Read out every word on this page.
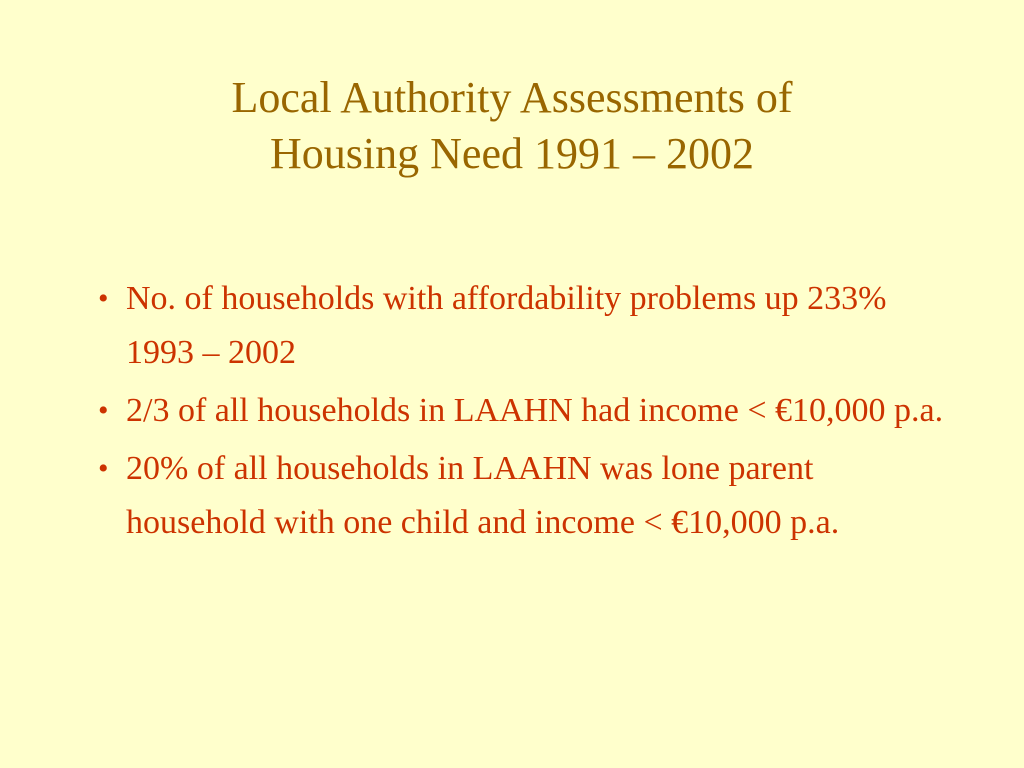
Local Authority Assessments of
Housing Need 1991 – 2002
• No. of households with affordability problems up 233% 1993 – 2002
• 2/3 of all households in LAAHN had income < €10,000 p.a.
• 20% of all households in LAAHN was lone parent household with one child and income < €10,000 p.a.
